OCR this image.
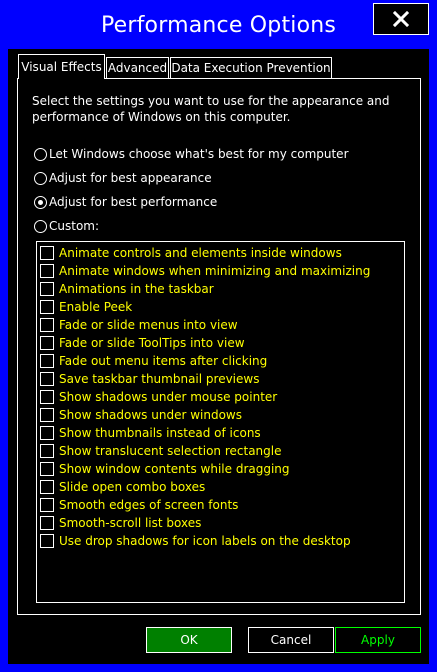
Performance Options
Visual Effects Advanced Data Execution Prevention
Select the settings you want to use for the appearance and performance of Windows on this computer.
Let Windows choose what's best for my computer
Adjust for best appearance
Adjust for best performance
Custom:
Animate controls and elements inside windows
Animate windows when minimizing and maximizing
Animations in the taskbar
Enable Peek
Fade or slide menus into view
Fade or slide ToolTips into view
Fade out menu items after clicking
Save taskbar thumbnail previews
Show shadows under mouse pointer
Show shadows under windows
Show thumbnails instead of icons
Show translucent selection rectangle
Show window contents while dragging
Slide open combo boxes
Smooth edges of screen fonts
Smooth-scroll list boxes
Use drop shadows for icon labels on the desktop
OK	Cancel	Apply
